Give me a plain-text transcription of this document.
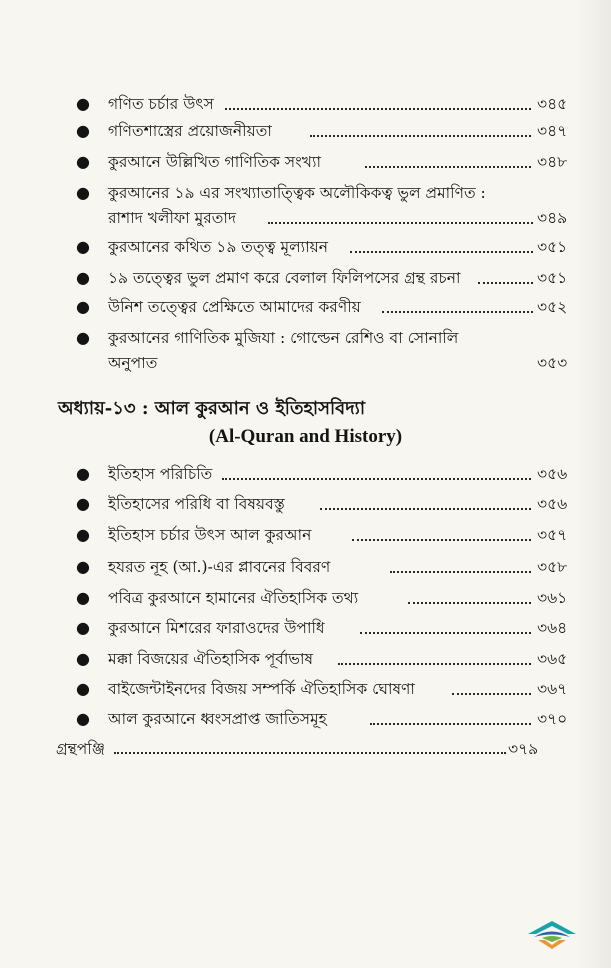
● গণিত চর্চার উৎস	৩৪৫
● গণিতশাস্ত্রের প্রয়োজনীয়তা	৩৪৭
● কুরআনে উল্লিখিত গাণিতিক সংখ্যা	৩৪৮
● কুরআনের ১৯ এর সংখ্যাতাত্ত্বিক অলৌকিকত্ব ভুল প্রমাণিত :
রাশাদ খলীফা মুরতাদ	৩৪৯
● কুরআনের কথিত ১৯ তত্ত্ব মূল্যায়ন	৩৫১
● ১৯ তত্ত্বের ভুল প্রমাণ করে বেলাল ফিলিপসের গ্রন্থ রচনা	৩৫১
● উনিশ তত্ত্বের প্রেক্ষিতে আমাদের করণীয়	৩৫২
● কুরআনের গাণিতিক মুজিযা : গোল্ডেন রেশিও বা সোনালি
অনুপাত	৩৫৩
অধ্যায়-১৩ : আল কুরআন ও ইতিহাসবিদ্যা
(Al-Quran and History)
● ইতিহাস পরিচিতি	৩৫৬
● ইতিহাসের পরিধি বা বিষয়বস্তু	৩৫৬
● ইতিহাস চর্চার উৎস আল কুরআন	৩৫৭
● হযরত নূহ (আ.)-এর প্লাবনের বিবরণ	৩৫৮
● পবিত্র কুরআনে হামানের ঐতিহাসিক তথ্য	৩৬১
● কুরআনে মিশরের ফারাওদের উপাধি	৩৬৪
● মক্কা বিজয়ের ঐতিহাসিক পূর্বাভাষ	৩৬৫
● বাইজেন্টাইনদের বিজয় সম্পর্কি ঐতিহাসিক ঘোষণা	৩৬৭
● আল কুরআনে ধ্বংসপ্রাপ্ত জাতিসমূহ	৩৭০
গ্রন্থপঞ্জি	৩৭৯
